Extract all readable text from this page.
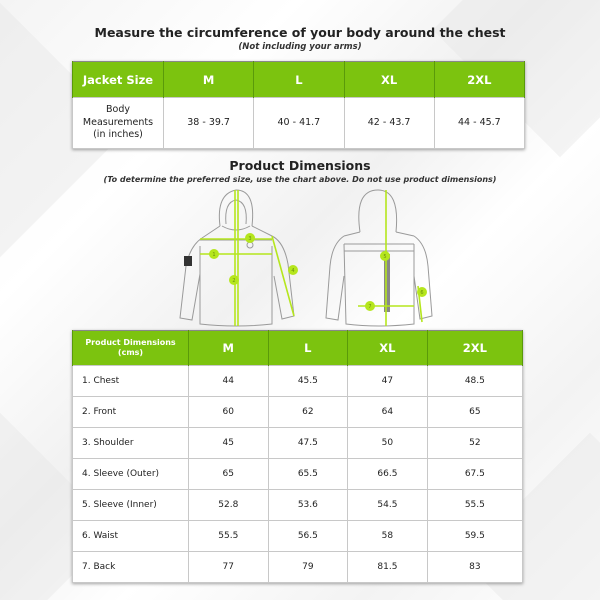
Measure the circumference of your body around the chest
(Not including your arms)
Jacket Size	M	L	XL	2XL

Body
Measurements
(in inches)	38 - 39.7	40 - 41.7	42 - 43.7	44 - 45.7
Product Dimensions
(To determine the preferred size, use the chart above. Do not use product dimensions)
1
2
3
4
5
6
7
Product Dimensions
(cms)	M	L	XL	2XL
1. Chest	44	45.5	47	48.5
2. Front	60	62	64	65
3. Shoulder	45	47.5	50	52
4. Sleeve (Outer)	65	65.5	66.5	67.5
5. Sleeve (Inner)	52.8	53.6	54.5	55.5
6. Waist	55.5	56.5	58	59.5
7. Back	77	79	81.5	83
